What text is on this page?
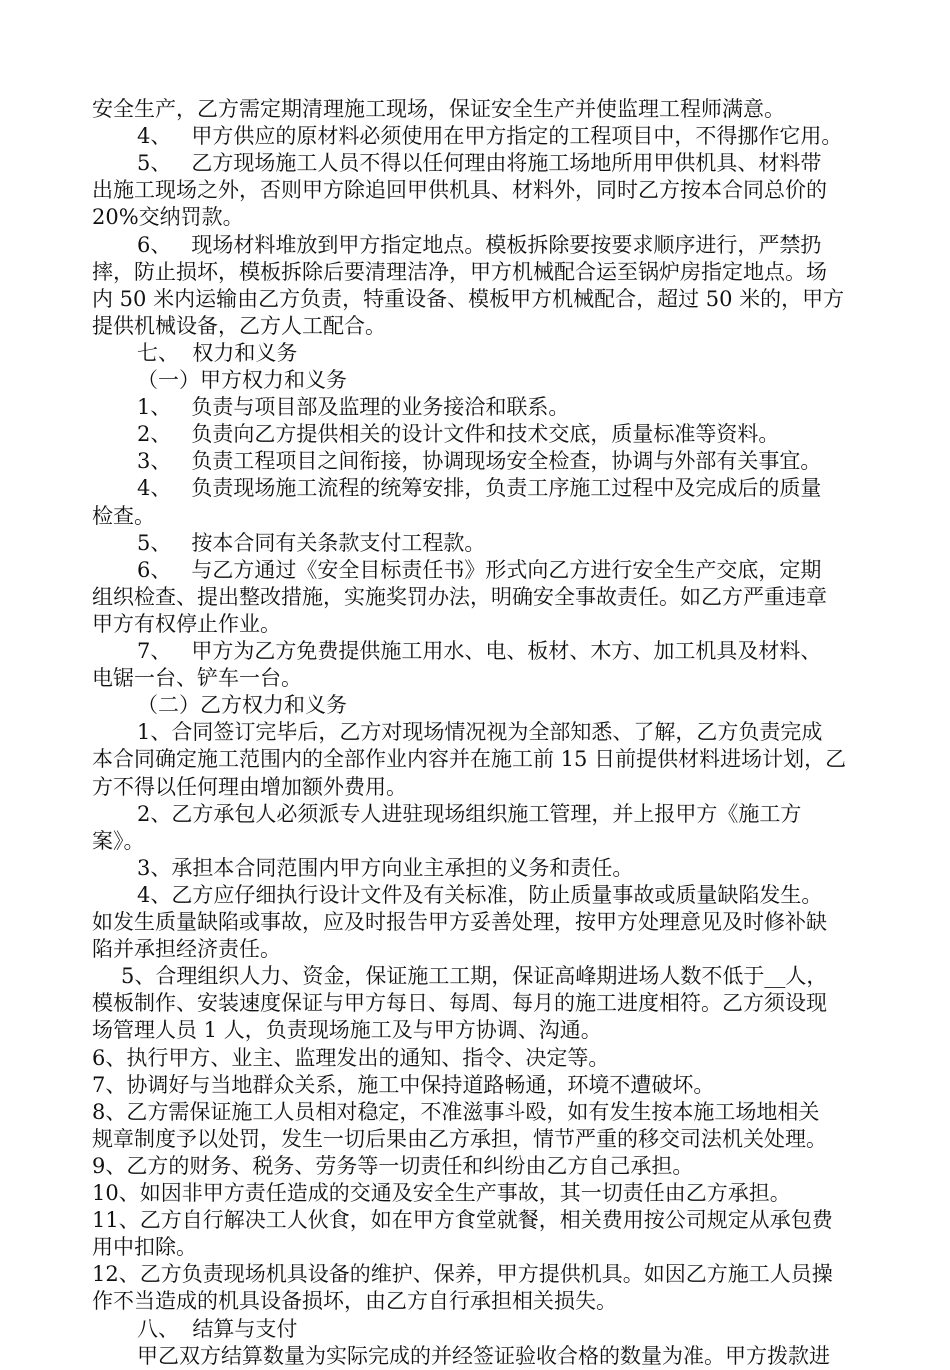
安全生产，乙方需定期清理施工现场，保证安全生产并使监理工程师满意。
4、   甲方供应的原材料必须使用在甲方指定的工程项目中，不得挪作它用。
5、   乙方现场施工人员不得以任何理由将施工场地所用甲供机具、材料带
出施工现场之外，否则甲方除追回甲供机具、材料外，同时乙方按本合同总价的
20%交纳罚款。
6、   现场材料堆放到甲方指定地点。模板拆除要按要求顺序进行，严禁扔
摔，防止损坏，模板拆除后要清理洁净，甲方机械配合运至锅炉房指定地点。场
内 50 米内运输由乙方负责，特重设备、模板甲方机械配合，超过 50 米的，甲方
提供机械设备，乙方人工配合。
七、  权力和义务
（一）甲方权力和义务
1、   负责与项目部及监理的业务接洽和联系。
2、   负责向乙方提供相关的设计文件和技术交底，质量标准等资料。
3、   负责工程项目之间衔接，协调现场安全检查，协调与外部有关事宜。
4、   负责现场施工流程的统筹安排，负责工序施工过程中及完成后的质量
检查。
5、   按本合同有关条款支付工程款。
6、   与乙方通过《安全目标责任书》形式向乙方进行安全生产交底，定期
组织检查、提出整改措施，实施奖罚办法，明确安全事故责任。如乙方严重违章
甲方有权停止作业。
7、   甲方为乙方免费提供施工用水、电、板材、木方、加工机具及材料、
电锯一台、铲车一台。
（二）乙方权力和义务
1、合同签订完毕后，乙方对现场情况视为全部知悉、了解，乙方负责完成
本合同确定施工范围内的全部作业内容并在施工前 15 日前提供材料进场计划，乙
方不得以任何理由增加额外费用。
2、乙方承包人必须派专人进驻现场组织施工管理，并上报甲方《施工方
案》。
3、承担本合同范围内甲方向业主承担的义务和责任。
4、乙方应仔细执行设计文件及有关标准，防止质量事故或质量缺陷发生。
如发生质量缺陷或事故，应及时报告甲方妥善处理，按甲方处理意见及时修补缺
陷并承担经济责任。
5、合理组织人力、资金，保证施工工期，保证高峰期进场人数不低于__人，
模板制作、安装速度保证与甲方每日、每周、每月的施工进度相符。乙方须设现
场管理人员 1 人，负责现场施工及与甲方协调、沟通。
6、执行甲方、业主、监理发出的通知、指令、决定等。
7、协调好与当地群众关系，施工中保持道路畅通，环境不遭破坏。
8、乙方需保证施工人员相对稳定，不准滋事斗殴，如有发生按本施工场地相关
规章制度予以处罚，发生一切后果由乙方承担，情节严重的移交司法机关处理。
9、乙方的财务、税务、劳务等一切责任和纠纷由乙方自己承担。
10、如因非甲方责任造成的交通及安全生产事故，其一切责任由乙方承担。
11、乙方自行解决工人伙食，如在甲方食堂就餐，相关费用按公司规定从承包费
用中扣除。
12、乙方负责现场机具设备的维护、保养，甲方提供机具。如因乙方施工人员操
作不当造成的机具设备损坏，由乙方自行承担相关损失。
八、  结算与支付
甲乙双方结算数量为实际完成的并经签证验收合格的数量为准。甲方拨款进
